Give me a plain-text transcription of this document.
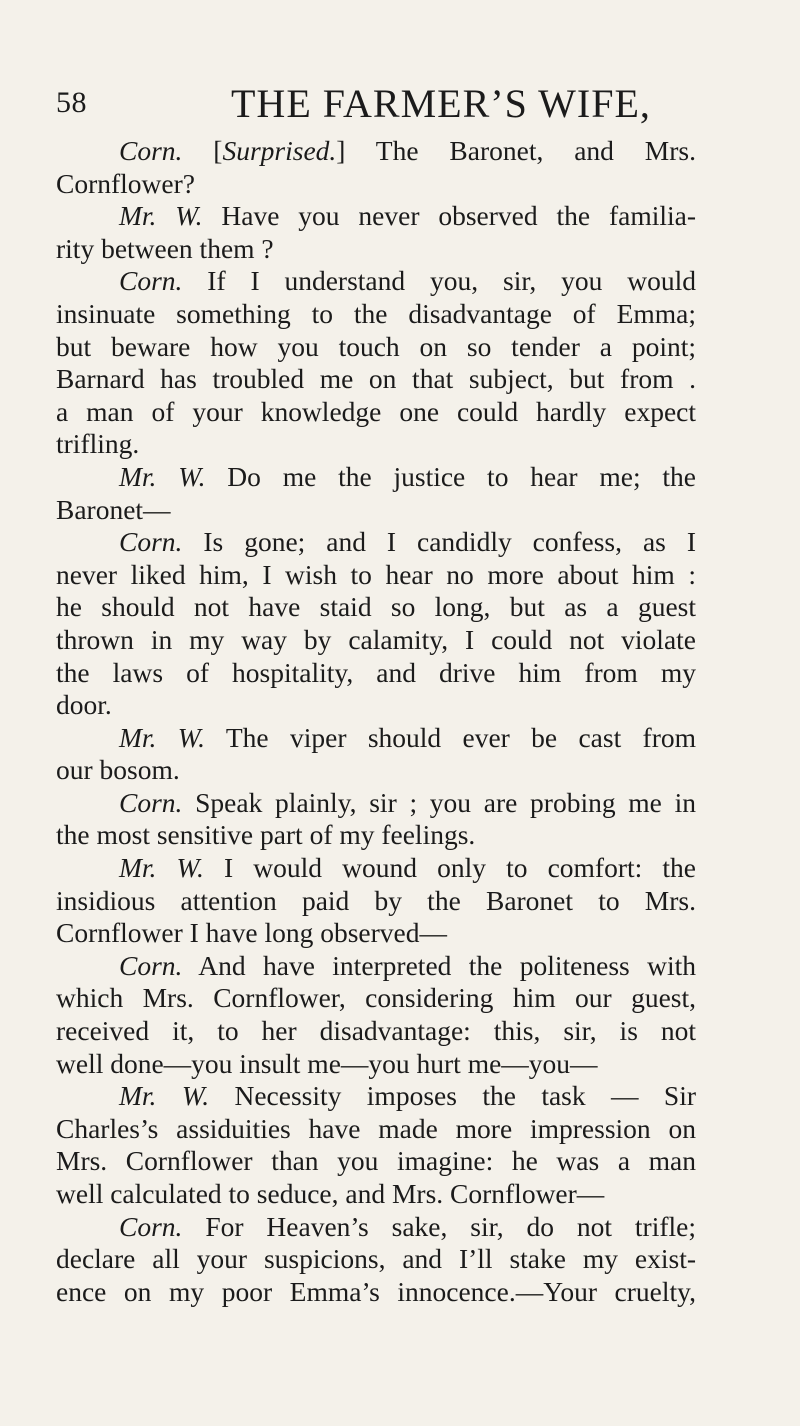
58	THE FARMER’S WIFE,
Corn. [Surprised.] The Baronet, and Mrs.
Cornflower?
Mr. W. Have you never observed the familia-
rity between them ?
Corn. If I understand you, sir, you would
insinuate something to the disadvantage of Emma;
but beware how you touch on so tender a point;
Barnard has troubled me on that subject, but from .
a man of your knowledge one could hardly expect
trifling.
Mr. W. Do me the justice to hear me; the
Baronet—
Corn. Is gone; and I candidly confess, as I
never liked him, I wish to hear no more about him :
he should not have staid so long, but as a guest
thrown in my way by calamity, I could not violate
the laws of hospitality, and drive him from my
door.
Mr. W. The viper should ever be cast from
our bosom.
Corn. Speak plainly, sir ; you are probing me in
the most sensitive part of my feelings.
Mr. W. I would wound only to comfort: the
insidious attention paid by the Baronet to Mrs.
Cornflower I have long observed—
Corn. And have interpreted the politeness with
which Mrs. Cornflower, considering him our guest,
received it, to her disadvantage: this, sir, is not
well done—you insult me—you hurt me—you—
Mr. W. Necessity imposes the task — Sir
Charles’s assiduities have made more impression on
Mrs. Cornflower than you imagine: he was a man
well calculated to seduce, and Mrs. Cornflower—
Corn. For Heaven’s sake, sir, do not trifle;
declare all your suspicions, and I’ll stake my exist-
ence on my poor Emma’s innocence.—Your cruelty,
